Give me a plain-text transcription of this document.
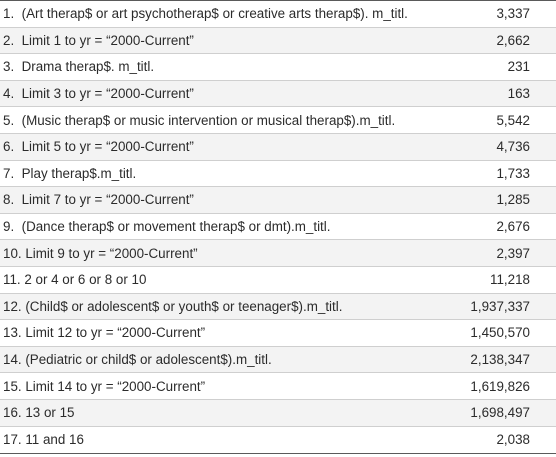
1. (Art therap$ or art psychotherap$ or creative arts therap$). m_titl.	3,337
2. Limit 1 to yr = “2000-Current”	2,662
3. Drama therap$. m_titl.	231
4. Limit 3 to yr = “2000-Current”	163
5. (Music therap$ or music intervention or musical therap$).m_titl.	5,542
6. Limit 5 to yr = “2000-Current”	4,736
7. Play therap$.m_titl.	1,733
8. Limit 7 to yr = “2000-Current”	1,285
9. (Dance therap$ or movement therap$ or dmt).m_titl.	2,676
10. Limit 9 to yr = “2000-Current”	2,397
11. 2 or 4 or 6 or 8 or 10	11,218
12. (Child$ or adolescent$ or youth$ or teenager$).m_titl.	1,937,337
13. Limit 12 to yr = “2000-Current”	1,450,570
14. (Pediatric or child$ or adolescent$).m_titl.	2,138,347
15. Limit 14 to yr = “2000-Current”	1,619,826
16. 13 or 15	1,698,497
17. 11 and 16	2,038
